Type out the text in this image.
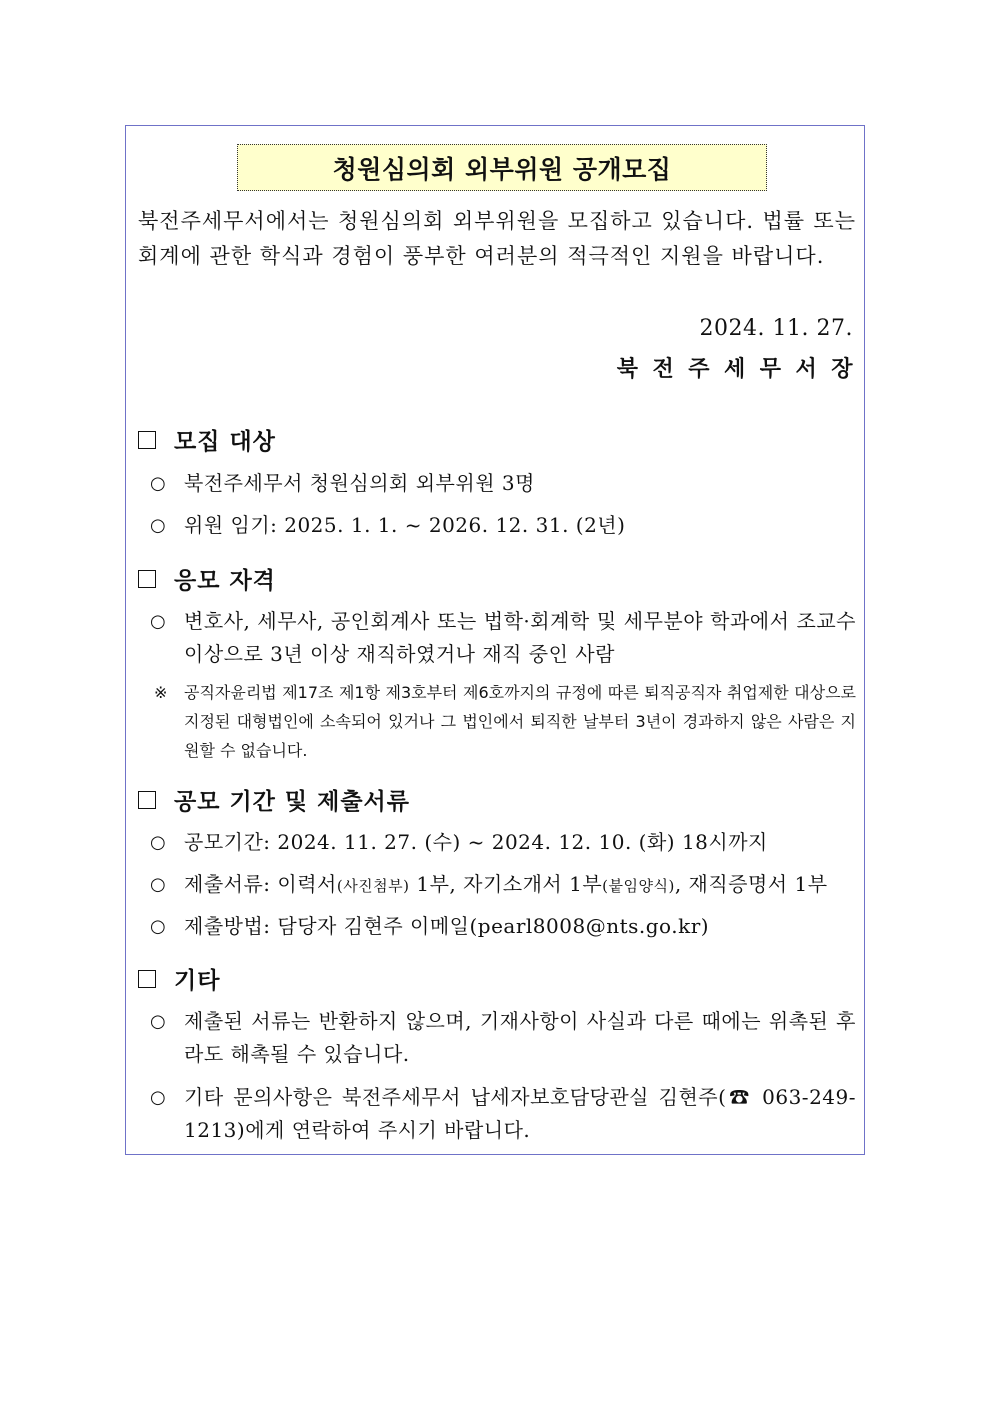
청원심의회 외부위원 공개모집
북전주세무서에서는 청원심의회 외부위원을 모집하고 있습니다. 법률 또는 회계에 관한 학식과 경험이 풍부한 여러분의 적극적인 지원을 바랍니다.
2024. 11. 27.
북전주세무서장
모집 대상
○ 북전주세무서 청원심의회 외부위원 3명
○ 위원 임기: 2025. 1. 1. ~ 2026. 12. 31. (2년)
응모 자격
○ 변호사, 세무사, 공인회계사 또는 법학·회계학 및 세무분야 학과에서 조교수 이상으로 3년 이상 재직하였거나 재직 중인 사람
※ 공직자윤리법 제17조 제1항 제3호부터 제6호까지의 규정에 따른 퇴직공직자 취업제한 대상으로 지정된 대형법인에 소속되어 있거나 그 법인에서 퇴직한 날부터 3년이 경과하지 않은 사람은 지원할 수 없습니다.
공모 기간 및 제출서류
○ 공모기간: 2024. 11. 27. (수) ~ 2024. 12. 10. (화) 18시까지
○ 제출서류: 이력서(사진첨부) 1부, 자기소개서 1부(붙임양식), 재직증명서 1부
○ 제출방법: 담당자 김현주 이메일(pearl8008@nts.go.kr)
기타
○ 제출된 서류는 반환하지 않으며, 기재사항이 사실과 다른 때에는 위촉된 후라도 해촉될 수 있습니다.
○ 기타 문의사항은 북전주세무서 납세자보호담당관실 김현주(☎ 063-249-1213)에게 연락하여 주시기 바랍니다.
